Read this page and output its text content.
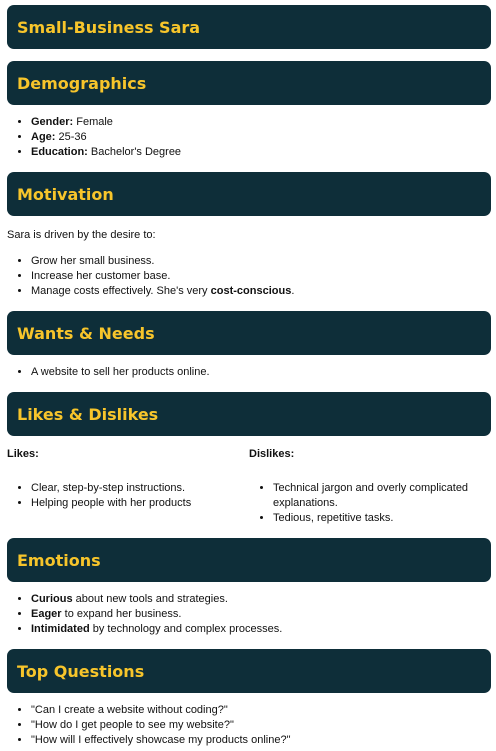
Small-Business Sara
Demographics
• Gender: Female
• Age: 25-36
• Education: Bachelor's Degree
Motivation

Sara is driven by the desire to:

• Grow her small business.
• Increase her customer base.
• Manage costs effectively. She's very cost-conscious.
Wants & Needs
• A website to sell her products online.
Likes & Dislikes
Likes:
• Clear, step-by-step instructions.
• Helping people with her products
Dislikes:
• Technical jargon and overly complicated explanations.
• Tedious, repetitive tasks.
Emotions
• Curious about new tools and strategies.
• Eager to expand her business.
• Intimidated by technology and complex processes.
Top Questions
• "Can I create a website without coding?"
• "How do I get people to see my website?"
• "How will I effectively showcase my products online?"
